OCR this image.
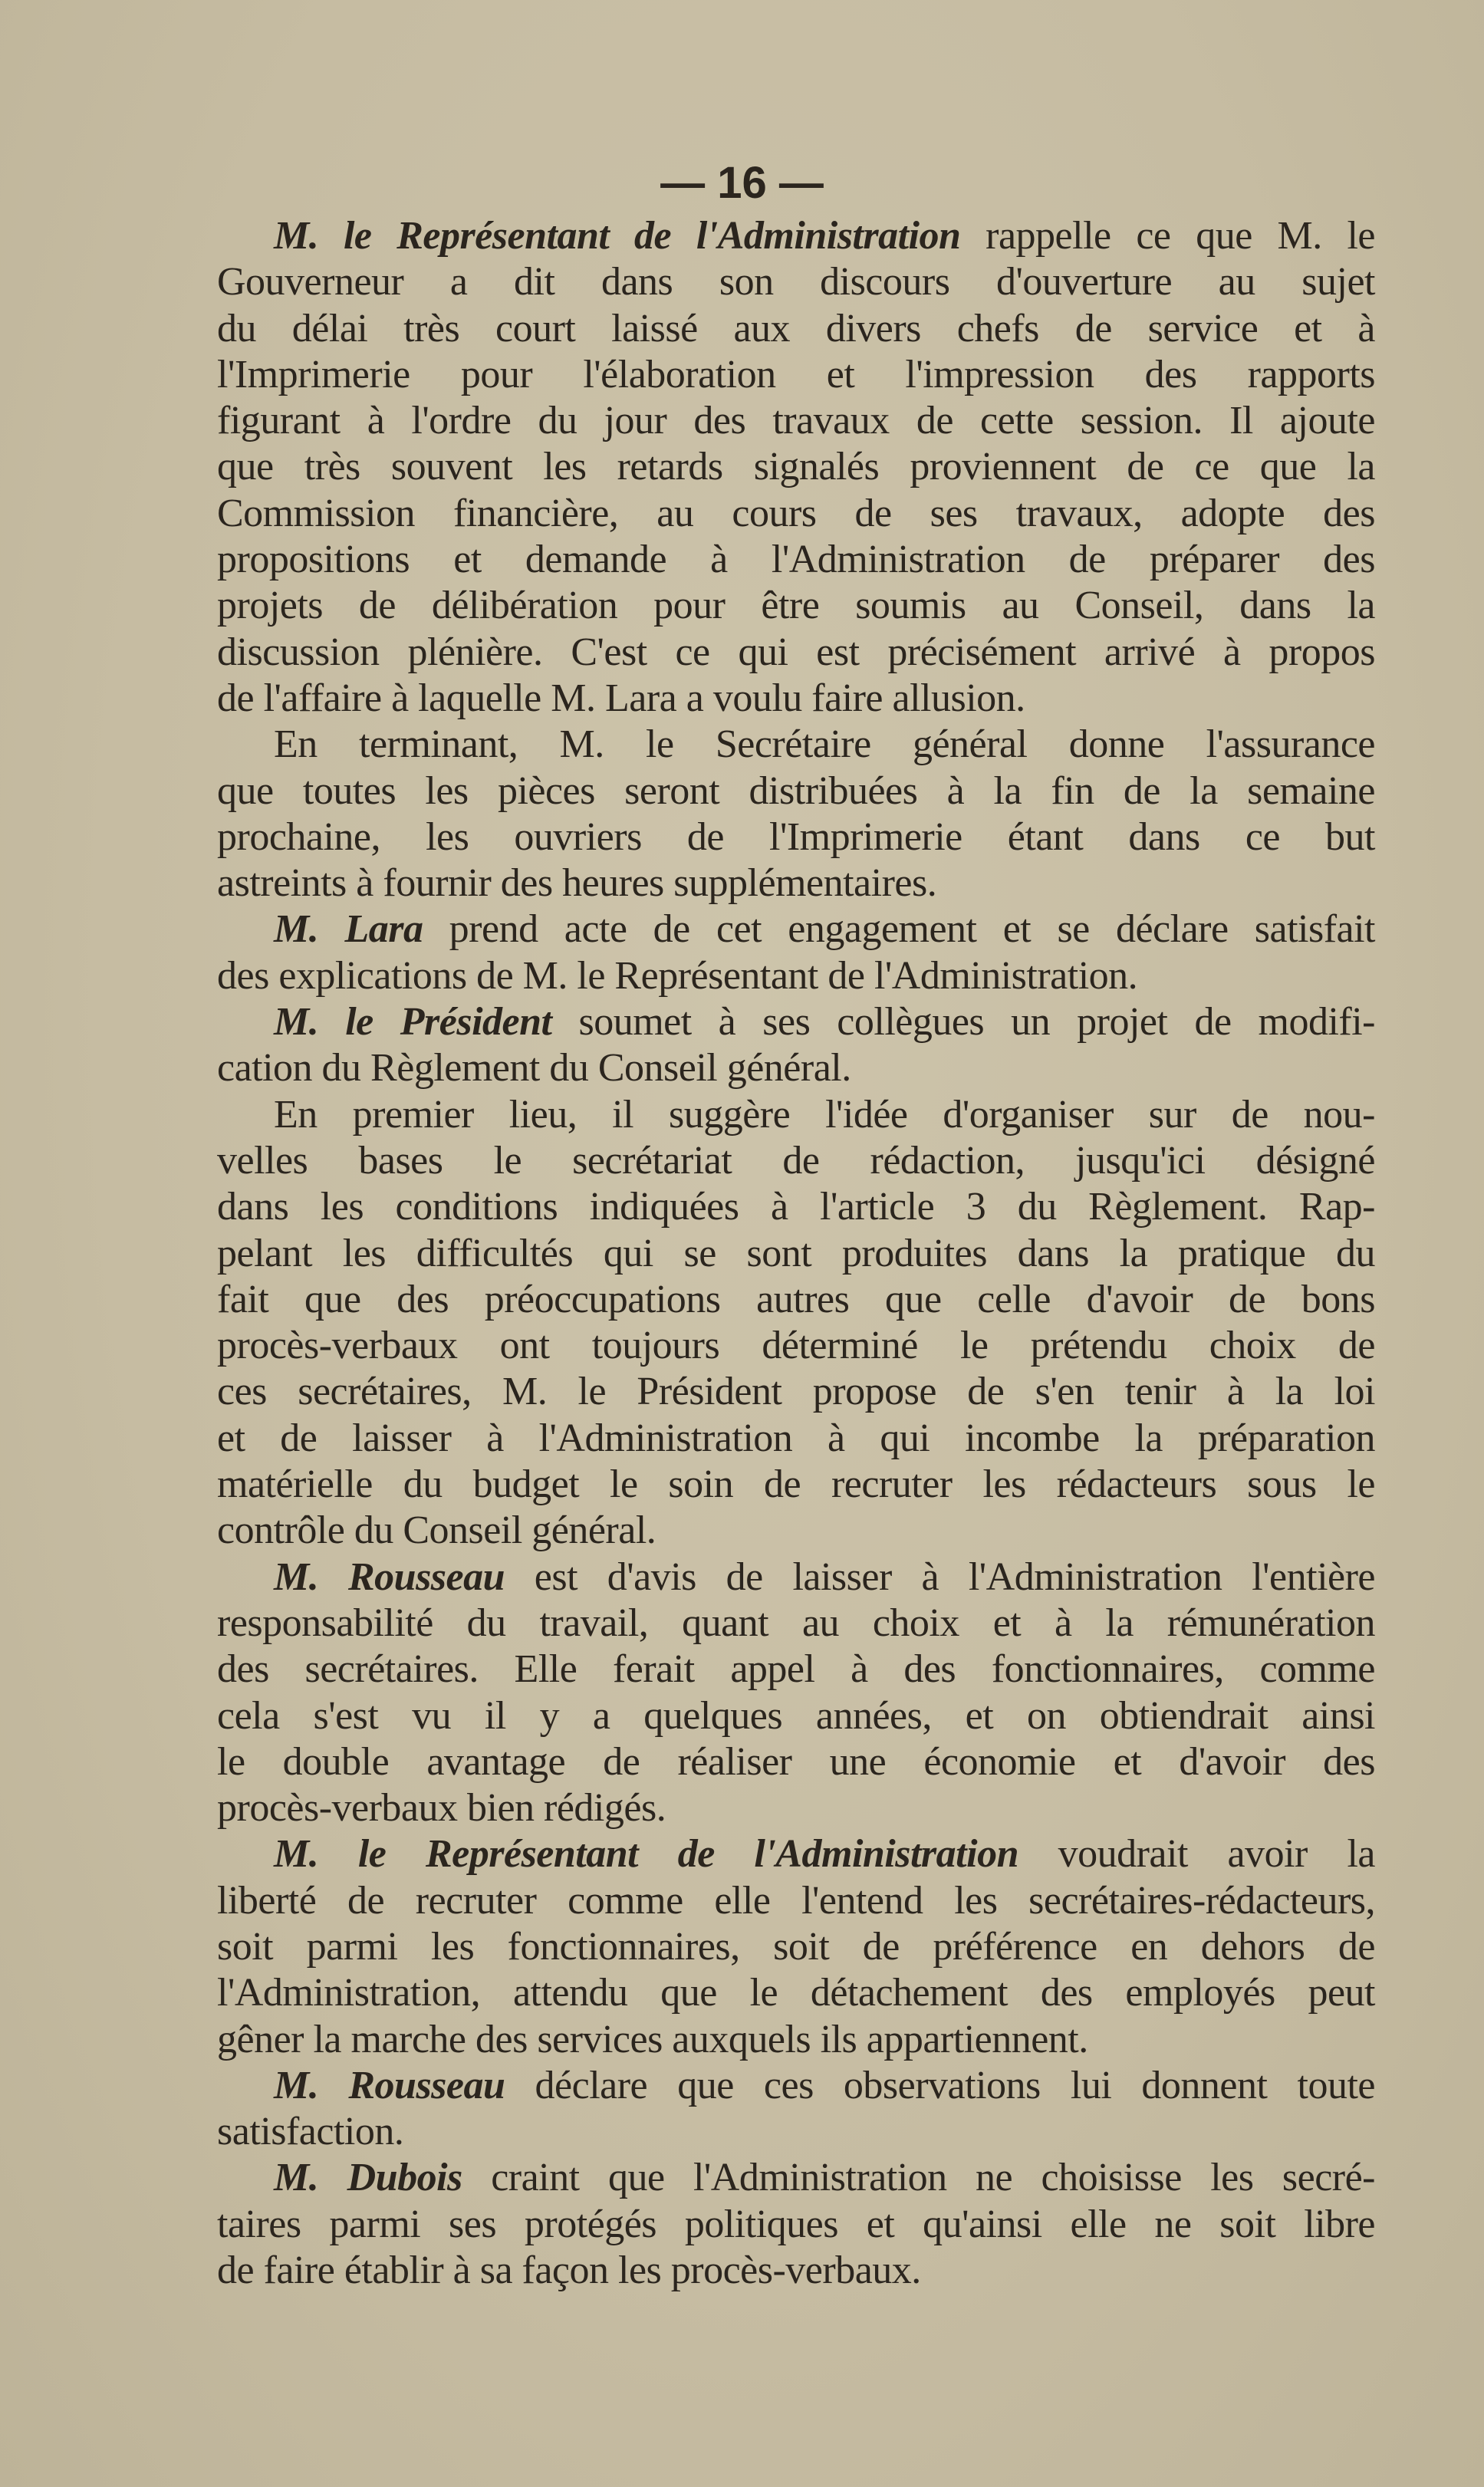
— 16 —
M. le Représentant de l'Administration rappelle ce que M. le
Gouverneur a dit dans son discours d'ouverture au sujet
du délai très court laissé aux divers chefs de service et à
l'Imprimerie pour l'élaboration et l'impression des rapports
figurant à l'ordre du jour des travaux de cette session. Il ajoute
que très souvent les retards signalés proviennent de ce que la
Commission financière, au cours de ses travaux, adopte des
propositions et demande à l'Administration de préparer des
projets de délibération pour être soumis au Conseil, dans la
discussion plénière. C'est ce qui est précisément arrivé à propos
de l'affaire à laquelle M. Lara a voulu faire allusion.
En terminant, M. le Secrétaire général donne l'assurance
que toutes les pièces seront distribuées à la fin de la semaine
prochaine, les ouvriers de l'Imprimerie étant dans ce but
astreints à fournir des heures supplémentaires.
M. Lara prend acte de cet engagement et se déclare satisfait
des explications de M. le Représentant de l'Administration.
M. le Président soumet à ses collègues un projet de modifi-
cation du Règlement du Conseil général.
En premier lieu, il suggère l'idée d'organiser sur de nou-
velles bases le secrétariat de rédaction, jusqu'ici désigné
dans les conditions indiquées à l'article 3 du Règlement. Rap-
pelant les difficultés qui se sont produites dans la pratique du
fait que des préoccupations autres que celle d'avoir de bons
procès-verbaux ont toujours déterminé le prétendu choix de
ces secrétaires, M. le Président propose de s'en tenir à la loi
et de laisser à l'Administration à qui incombe la préparation
matérielle du budget le soin de recruter les rédacteurs sous le
contrôle du Conseil général.
M. Rousseau est d'avis de laisser à l'Administration l'entière
responsabilité du travail, quant au choix et à la rémunération
des secrétaires. Elle ferait appel à des fonctionnaires, comme
cela s'est vu il y a quelques années, et on obtiendrait ainsi
le double avantage de réaliser une économie et d'avoir des
procès-verbaux bien rédigés.
M. le Représentant de l'Administration voudrait avoir la
liberté de recruter comme elle l'entend les secrétaires-rédacteurs,
soit parmi les fonctionnaires, soit de préférence en dehors de
l'Administration, attendu que le détachement des employés peut
gêner la marche des services auxquels ils appartiennent.
M. Rousseau déclare que ces observations lui donnent toute
satisfaction.
M. Dubois craint que l'Administration ne choisisse les secré-
taires parmi ses protégés politiques et qu'ainsi elle ne soit libre
de faire établir à sa façon les procès-verbaux.
